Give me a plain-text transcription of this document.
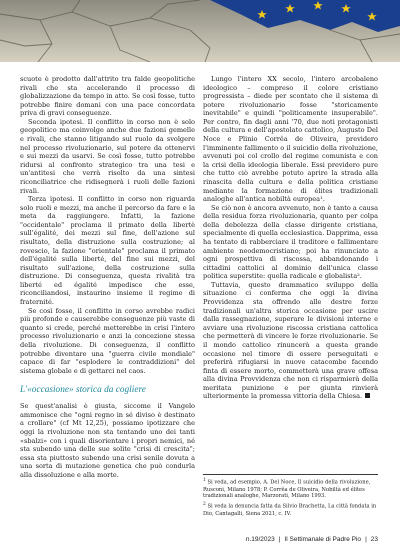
scuote è prodotto dall'attrito tra falde geopolitiche rivali che sta accelerando il processo di globalizzazione da tempo in atto. Se così fosse, tutto potrebbe finire domani con una pace concordata priva di gravi conseguenze.

Seconda ipotesi. Il conflitto in corso non è solo geopolitico ma coinvolge anche due fazioni gemelle e rivali, che stanno litigando sul ruolo da svolgere nel processo rivoluzionario, sul potere da ottenervi e sui mezzi da usarvi. Se così fosse, tutto potrebbe ridursi al confronto strategico tra una tesi e un'antitesi che verrà risolto da una sintesi riconciliatrice che ridisegnerà i ruoli delle fazioni rivali.

Terza ipotesi. Il conflitto in corso non riguarda solo ruoli e mezzi, ma anche il percorso da fare e la meta da raggiungere. Infatti, la fazione "occidentale" proclama il primato della libertè sull'égalité, dei mezzi sul fine, dell'azione sul risultato, della distruzione sulla costruzione; al rovescio, la fazione "orientale" proclama il primato dell'égalité sulla liberté, del fine sui mezzi, del risultato sull'azione, della costruzione sulla distruzione. Di conseguenza, questa rivalità tra liberté ed égalité impedisce che esse, riconciliandosi, instaurino insieme il regime di fraternité.

Se così fosse, il conflitto in corso avrebbe radici più profonde e causerebbe conseguenze più vaste di quanto si crede, perché metterebbe in crisi l'intero processo rivoluzionario e anzi la concezione stessa della rivoluzione. Di conseguenza, il conflitto potrebbe diventare una "guerra civile mondiale" capace di far "esplodere le contraddizioni" del sistema globale e di gettarci nel caos.

L'«occasione» storica da cogliere

Se quest'analisi è giusta, siccome il Vangelo ammonisce che "ogni regno in sé diviso è destinato a crollare" (cf Mt 12,25), possiamo ipotizzare che oggi la rivoluzione non sta tentando uno dei tanti «sbalzi» con i quali disorientare i propri nemici, né sta subendo una delle sue solite "crisi di crescita"; essa sta piuttosto subendo una crisi senile dovuta a una sorta di mutazione genetica che può condurla alla dissoluzione e alla morte.

Lungo l'intero XX secolo, l'intero arcobaleno ideologico – compreso il colore cristiano progressista – diede per scontato che il sistema di potere rivoluzionario fosse "storicamente inevitabile" e quindi "politicamente insuperabile". Per contro, fin dagli anni '70, due noti protagonisti della cultura e dell'apostolato cattolico, Augusto Del Noce e Plinio Corrêa de Oliveira, previdero l'imminente fallimento o il suicidio della rivoluzione, avvenuti poi col crollo del regime comunista e con la crisi della ideologia liberale. Essi previdero pure che tutto ciò avrebbe potuto aprire la strada alla rinascita della cultura e della politica cristiane mediante la formazione di élites tradizionali analoghe all'antica nobiltà europea¹.

Se ciò non è ancora avvenuto, non è tanto a causa della residua forza rivoluzionaria, quanto per colpa della debolezza della classe dirigente cristiana, specialmente di quella ecclesiastica. Dapprima, essa ha tentato di rabberciare il traditore e fallimentare ambiente neodemocristiano; poi ha rinunciato a ogni prospettiva di riscossa, abbandonando i cittadini cattolici al dominio dell'unica classe politica superstite: quella radicale e globalista².

Tuttavia, questo drammatico sviluppo della situazione ci conferma che oggi la divina Provvidenza sta offrendo alle destre forze tradizionali un'altra storica occasione per uscire dalla rassegnazione, superare le divisioni interne e avviare una rivoluzione riscossa cristiana cattolica che permetterà di vincere le forze rivoluzionarie. Se il mondo cattolico rinuncerà a questa grande occasione nel timore di essere perseguitati e preferirà rifugiarsi in nuove catacombe facendo finta di essere morto, commetterà una grave offesa alla divina Provvidenza che non ci risparmierà della meritata punizione e per giunta rinvierà ulteriormente la promessa vittoria della Chiesa.

$^1$ Si veda, ad esempio, A. Del Noce, Il suicidio della rivoluzione, Rusconi, Milano 1978; P. Corrêa de Oliveira, Nobiltà ed élites tradizionali analoghe, Marzorati, Milano 1993.

$^2$ Si veda la denuncia fatta da Silvio Brachetta, La città fondata in Dio, Cantagalli, Siena 2021, c. IV.

n.19/2023 | Il Settimanale di Padre Pio | 23
